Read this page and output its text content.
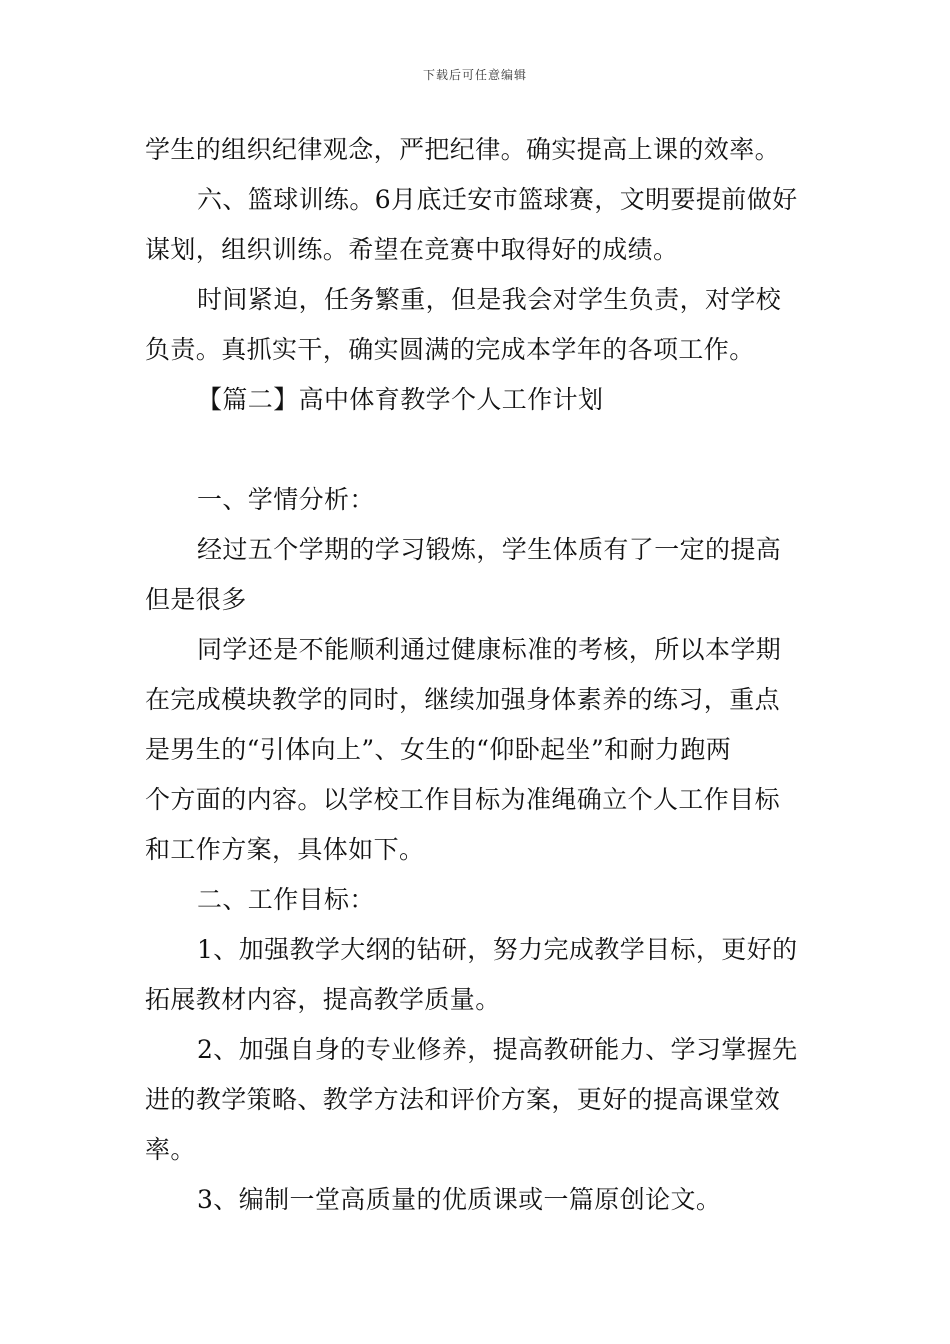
下载后可任意编辑
学生的组织纪律观念，严把纪律。确实提高上课的效率。
六、篮球训练。6月底迁安市篮球赛，文明要提前做好
谋划，组织训练。希望在竞赛中取得好的成绩。
时间紧迫，任务繁重，但是我会对学生负责，对学校
负责。真抓实干，确实圆满的完成本学年的各项工作。
【篇二】高中体育教学个人工作计划
一、学情分析：
经过五个学期的学习锻炼，学生体质有了一定的提高
但是很多
同学还是不能顺利通过健康标准的考核，所以本学期
在完成模块教学的同时，继续加强身体素养的练习，重点
是男生的“引体向上”、女生的“仰卧起坐”和耐力跑两
个方面的内容。以学校工作目标为准绳确立个人工作目标
和工作方案，具体如下。
二、工作目标：
1、加强教学大纲的钻研，努力完成教学目标，更好的
拓展教材内容，提高教学质量。
2、加强自身的专业修养，提高教研能力、学习掌握先
进的教学策略、教学方法和评价方案，更好的提高课堂效
率。
3、编制一堂高质量的优质课或一篇原创论文。
